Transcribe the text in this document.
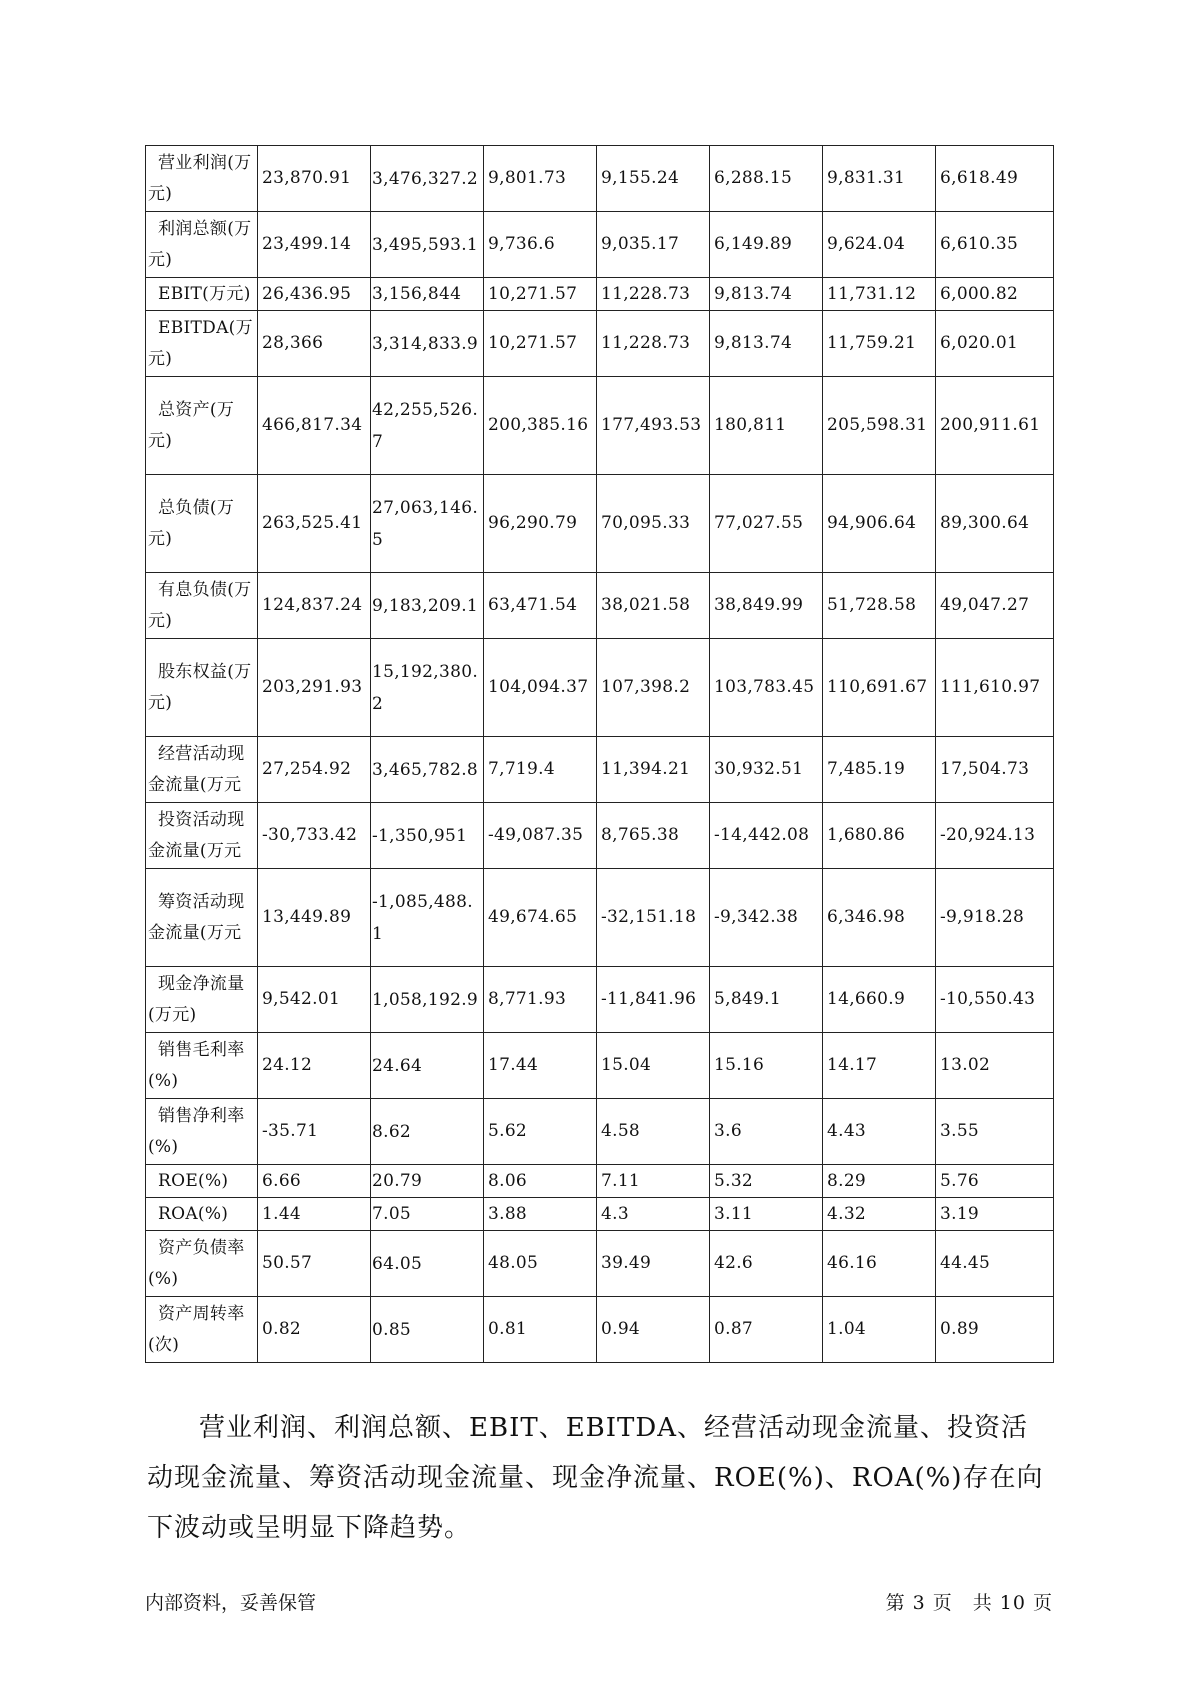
营业利润(万元)	23,870.91	3,476,327.2	9,801.73	9,155.24	6,288.15	9,831.31	6,618.49

利润总额(万元)	23,499.14	3,495,593.1	9,736.6	9,035.17	6,149.89	9,624.04	6,610.35

EBIT(万元)	26,436.95	3,156,844	10,271.57	11,228.73	9,813.74	11,731.12	6,000.82

EBITDA(万元)	28,366	3,314,833.9	10,271.57	11,228.73	9,813.74	11,759.21	6,020.01

总资产(万元)	466,817.34	42,255,526.7	200,385.16	177,493.53	180,811	205,598.31	200,911.61

总负债(万元)	263,525.41	27,063,146.5	96,290.79	70,095.33	77,027.55	94,906.64	89,300.64

有息负债(万元)	124,837.24	9,183,209.1	63,471.54	38,021.58	38,849.99	51,728.58	49,047.27

股东权益(万元)	203,291.93	15,192,380.2	104,094.37	107,398.2	103,783.45	110,691.67	111,610.97

经营活动现金流量(万元	27,254.92	3,465,782.8	7,719.4	11,394.21	30,932.51	7,485.19	17,504.73

投资活动现金流量(万元	-30,733.42	-1,350,951	-49,087.35	8,765.38	-14,442.08	1,680.86	-20,924.13

筹资活动现金流量(万元	13,449.89	-1,085,488.1	49,674.65	-32,151.18	-9,342.38	6,346.98	-9,918.28

现金净流量(万元)	9,542.01	1,058,192.9	8,771.93	-11,841.96	5,849.1	14,660.9	-10,550.43

销售毛利率(%)	24.12	24.64	17.44	15.04	15.16	14.17	13.02

销售净利率(%)	-35.71	8.62	5.62	4.58	3.6	4.43	3.55

ROE(%)	6.66	20.79	8.06	7.11	5.32	8.29	5.76

ROA(%)	1.44	7.05	3.88	4.3	3.11	4.32	3.19

资产负债率(%)	50.57	64.05	48.05	39.49	42.6	46.16	44.45

资产周转率(次)	0.82	0.85	0.81	0.94	0.87	1.04	0.89

营业利润、利润总额、EBIT、EBITDA、经营活动现金流量、投资活动现金流量、筹资活动现金流量、现金净流量、ROE(%)、ROA(%)存在向下波动或呈明显下降趋势。

内部资料，妥善保管	第 3 页　共 10 页
